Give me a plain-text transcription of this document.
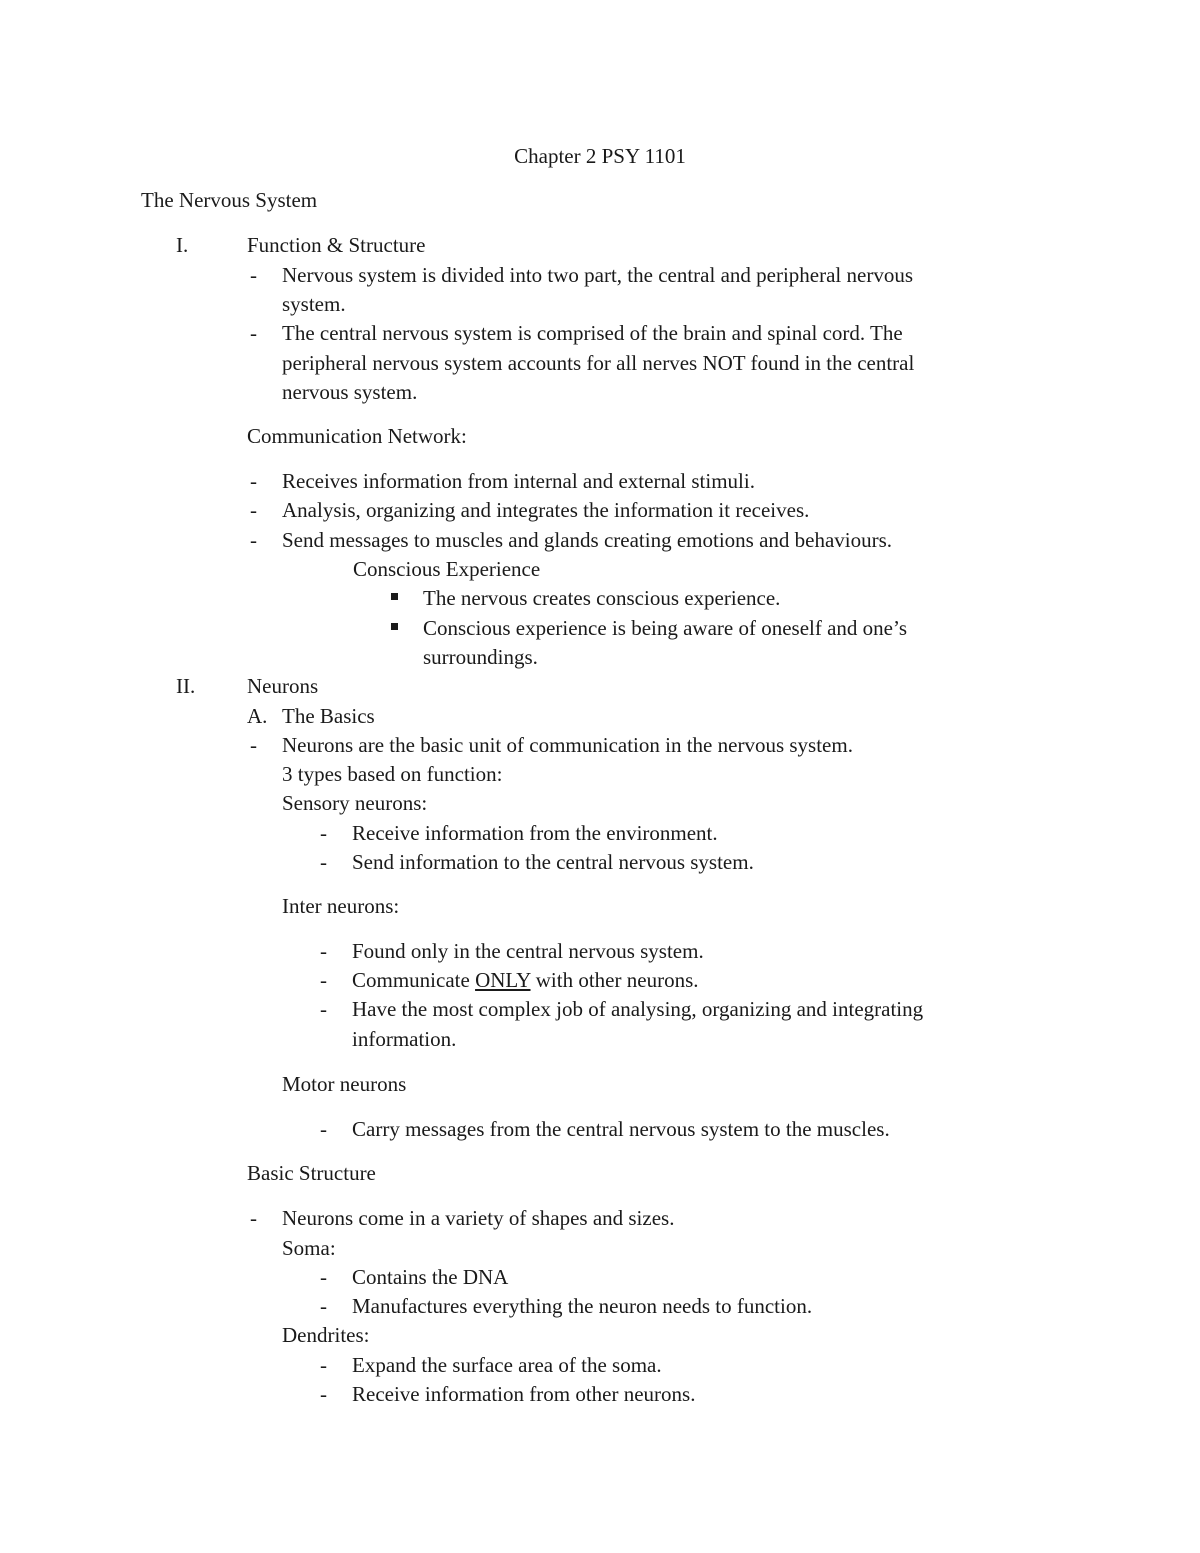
Chapter 2 PSY 1101
The Nervous System
I.	Function & Structure
- Nervous system is divided into two part, the central and peripheral nervous
system.
- The central nervous system is comprised of the brain and spinal cord. The
peripheral nervous system accounts for all nerves NOT found in the central
nervous system.
Communication Network:
- Receives information from internal and external stimuli.
- Analysis, organizing and integrates the information it receives.
- Send messages to muscles and glands creating emotions and behaviours.
Conscious Experience
The nervous creates conscious experience.
Conscious experience is being aware of oneself and one’s
surroundings.
II. Neurons
A. The Basics
- Neurons are the basic unit of communication in the nervous system.
3 types based on function:
Sensory neurons:
- Receive information from the environment.
- Send information to the central nervous system.
Inter neurons:
- Found only in the central nervous system.
- Communicate ONLY with other neurons.
- Have the most complex job of analysing, organizing and integrating
information.
Motor neurons
- Carry messages from the central nervous system to the muscles.
Basic Structure
- Neurons come in a variety of shapes and sizes.
Soma:
- Contains the DNA
- Manufactures everything the neuron needs to function.
Dendrites:
- Expand the surface area of the soma.
- Receive information from other neurons.
